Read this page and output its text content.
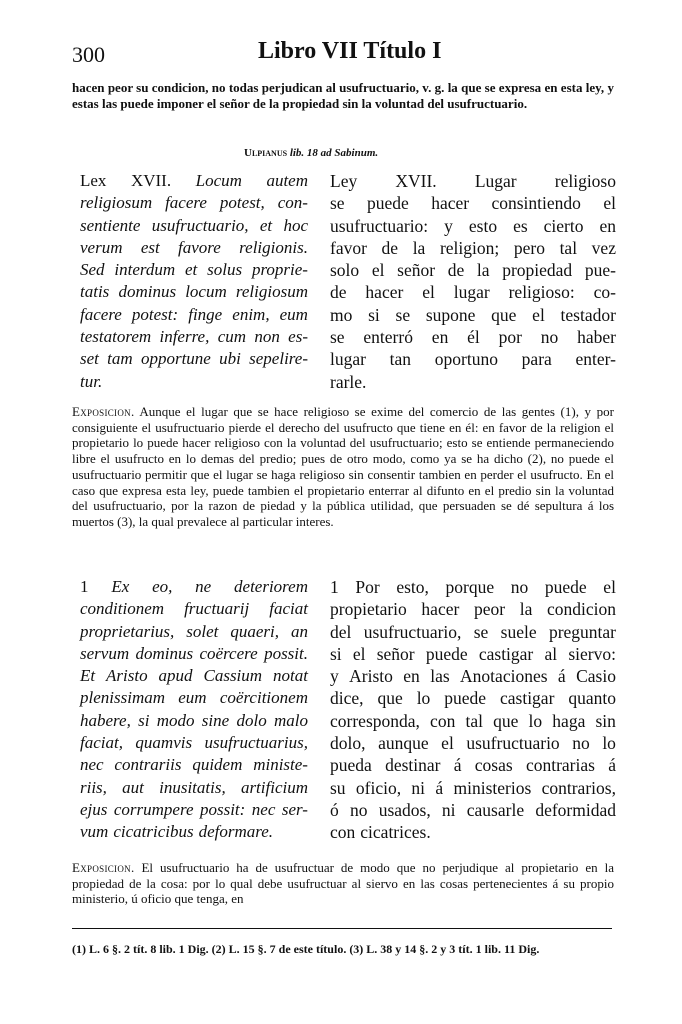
300	Libro VII Título I
hacen peor su condicion, no todas perjudican al usufructuario, v. g. la que se expresa en esta ley, y estas las puede imponer el señor de la propiedad sin la voluntad del usufructuario.
Ulpianus lib. 18 ad Sabinum.
Lex XVII. Locum autem
religiosum facere potest, con-
sentiente usufructuario, et hoc
verum est favore religionis.
Sed interdum et solus proprie-
tatis dominus locum religiosum
facere potest: finge enim, eum
testatorem inferre, cum non es-
set tam opportune ubi sepelire-
tur.
Ley XVII. Lugar religioso
se puede hacer consintiendo el
usufructuario: y esto es cierto en
favor de la religion; pero tal vez
solo el señor de la propiedad pue-
de hacer el lugar religioso: co-
mo si se supone que el testador
se enterró en él por no haber
lugar tan oportuno para enter-
rarle.
Exposicion. Aunque el lugar que se hace religioso se exime del comercio de las gentes (1), y por consiguiente el usufructuario pierde el derecho del usufructo que tiene en él: en favor de la religion el propietario lo puede hacer religioso con la voluntad del usufructuario; esto se entiende permaneciendo libre el usufructo en lo demas del predio; pues de otro modo, como ya se ha dicho (2), no puede el usufructuario permitir que el lugar se haga religioso sin consentir tambien en perder el usufructo. En el caso que expresa esta ley, puede tambien el propietario enterrar al difunto en el predio sin la voluntad del usufructuario, por la razon de piedad y la pública utilidad, que persuaden se dé sepultura á los muertos (3), la qual prevalece al particular interes.
1 Ex eo, ne deteriorem
conditionem fructuarij faciat
proprietarius, solet quaeri, an
servum dominus coërcere possit.
Et Aristo apud Cassium notat
plenissimam eum coërcitionem
habere, si modo sine dolo malo
faciat, quamvis usufructuarius,
nec contrariis quidem ministe-
riis, aut inusitatis, artificium
ejus corrumpere possit: nec ser-
vum cicatricibus deformare.
1 Por esto, porque no puede el
propietario hacer peor la condicion
del usufructuario, se suele preguntar
si el señor puede castigar al siervo:
y Aristo en las Anotaciones á Casio
dice, que lo puede castigar quanto
corresponda, con tal que lo haga sin
dolo, aunque el usufructuario no lo
pueda destinar á cosas contrarias á
su oficio, ni á ministerios contrarios,
ó no usados, ni causarle deformidad
con cicatrices.
Exposicion. El usufructuario ha de usufructuar de modo que no perjudique al propietario en la propiedad de la cosa: por lo qual debe usufructuar al siervo en las cosas pertenecientes á su propio ministerio, ú oficio que tenga, en
(1) L. 6 §. 2 tít. 8 lib. 1 Dig. (2) L. 15 §. 7 de este título. (3) L. 38 y 14 §. 2 y 3 tít. 1 lib. 11 Dig.
